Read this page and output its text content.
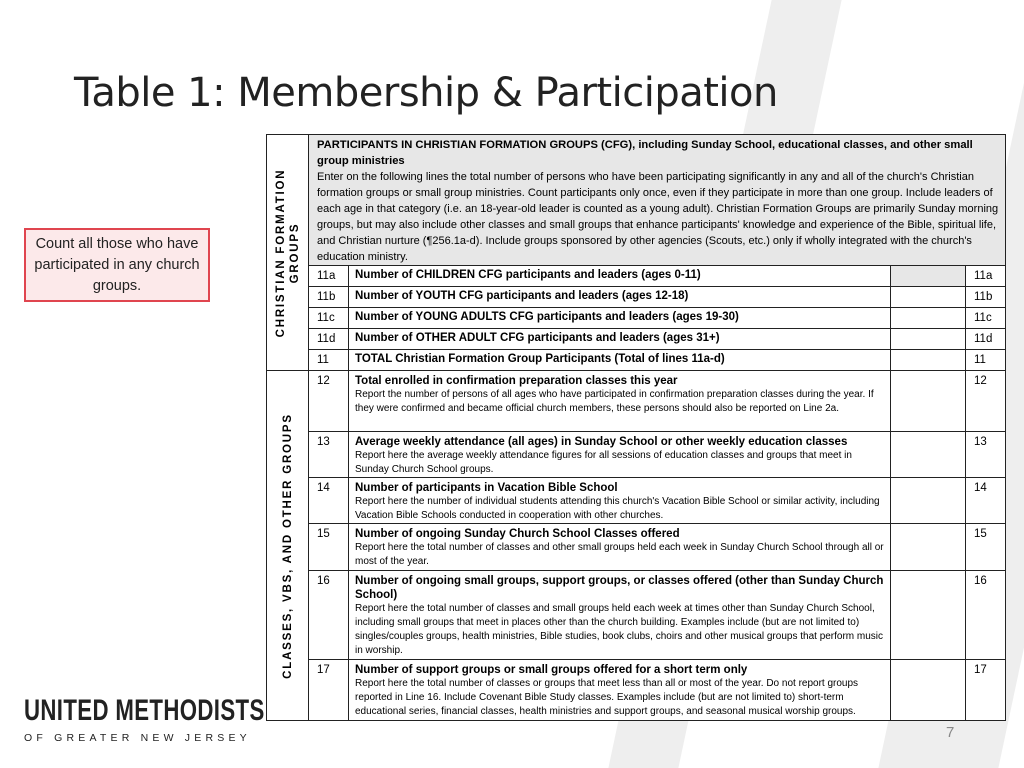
Table 1: Membership & Participation
Count all those who have participated in any church groups.	CHRISTIAN FORMATION GROUPS	PARTICIPANTS IN CHRISTIAN FORMATION GROUPS (CFG), including Sunday School, educational classes, and other small group ministries
Enter on the following lines the total number of persons who have been participating significantly in any and all of the church's Christian formation groups or small group ministries. Count participants only once, even if they participate in more than one group. Include leaders of each age in that category (i.e. an 18-year-old leader is counted as a young adult). Christian Formation Groups are primarily Sunday morning groups, but may also include other classes and small groups that enhance participants' knowledge and experience of the Bible, spiritual life, and Christian nurture (¶256.1a-d). Include groups sponsored by other agencies (Scouts, etc.) only if wholly integrated with the church's education ministry.			
	11a	Number of CHILDREN CFG participants and leaders (ages 0-11)		11a
	11b	Number of YOUTH CFG participants and leaders (ages 12-18)		11b
	11c	Number of YOUNG ADULTS CFG participants and leaders (ages 19-30)		11c
	11d	Number of OTHER ADULT CFG participants and leaders (ages 31+)		11d
	11	TOTAL Christian Formation Group Participants (Total of lines 11a-d)		11

CLASSES, VBS, AND OTHER GROUPS	12	Total enrolled in confirmation preparation classes this year
Report the number of persons of all ages who have participated in confirmation preparation classes during the year. If they were confirmed and became official church members, these persons should also be reported on Line 2a.		12
	13	Average weekly attendance (all ages) in Sunday School or other weekly education classes
Report here the average weekly attendance figures for all sessions of education classes and groups that meet in Sunday Church School groups.		13
	14	Number of participants in Vacation Bible School
Report here the number of individual students attending this church's Vacation Bible School or similar activity, including Vacation Bible Schools conducted in cooperation with other churches.		14
	15	Number of ongoing Sunday Church School Classes offered
Report here the total number of classes and other small groups held each week in Sunday Church School through all or most of the year.		15
	16	Number of ongoing small groups, support groups, or classes offered (other than Sunday Church School)
Report here the total number of classes and small groups held each week at times other than Sunday Church School, including small groups that meet in places other than the church building. Examples include (but are not limited to) singles/couples groups, health ministries, Bible studies, book clubs, choirs and other musical groups that perform music in worship.		16
	17	Number of support groups or small groups offered for a short term only
Report here the total number of classes or groups that meet less than all or most of the year. Do not report groups reported in Line 16. Include Covenant Bible Study classes. Examples include (but are not limited to) short-term educational series, financial classes, health ministries and support groups, and seasonal musical worship groups.		17
UNITED METHODISTS
OF GREATER NEW JERSEY	7
